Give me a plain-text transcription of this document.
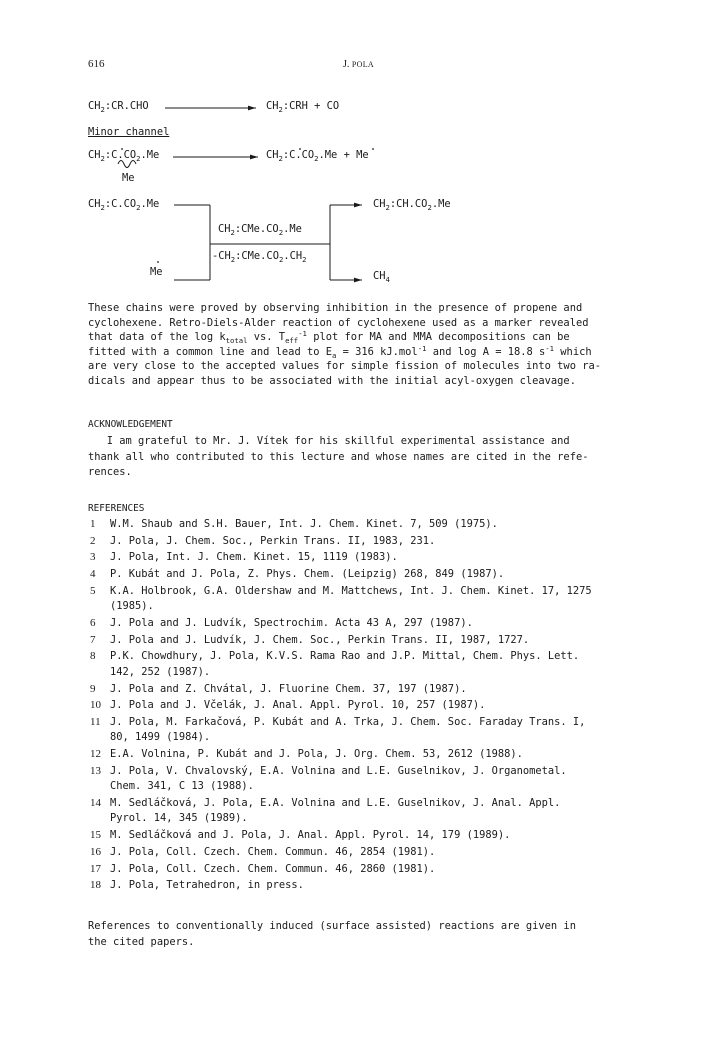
616	J. POLA
$CH_2:CR.CHO$	$CH_2:CRH$ + CO
Minor channel
$CH_2:C.CO_2.Me$
Me
$CH_2:C.CO_2.Me + Me$
$CH_2:C.CO_2.Me$
$CH_2:CMe.CO_2.Me$
$-CH_2:CMe.CO_2.CH_2$
Me
$CH_2:CH.CO_2.Me$
$CH_4$
These chains were proved by observing inhibition in the presence of propene and
cyclohexene. Retro-Diels-Alder reaction of cyclohexene used as a marker revealed
that data of the $\log k_{total}$ vs. $T_{eff}^{-1}$ plot for MA and MMA decompositions can be
fitted with a common line and lead to $E_a = 316$ kJ.mol$^{-1}$ and log A = 18.8 $s^{-1}$ which
are very close to the accepted values for simple fission of molecules into two ra-
dicals and appear thus to be associated with the initial acyl-oxygen cleavage.
ACKNOWLEDGEMENT
I am grateful to Mr. J. Vítek for his skillful experimental assistance and
thank all who contributed to this lecture and whose names are cited in the refe-
rences.
REFERENCES
1	W.M. Shaub and S.H. Bauer, Int. J. Chem. Kinet. 7, 509 (1975).
2	J. Pola, J. Chem. Soc., Perkin Trans. II, 1983, 231.
3	J. Pola, Int. J. Chem. Kinet. 15, 1119 (1983).
4	P. Kubát and J. Pola, Z. Phys. Chem. (Leipzig) 268, 849 (1987).
5	K.A. Holbrook, G.A. Oldershaw and M. Mattchews, Int. J. Chem. Kinet. 17, 1275
(1985).
6	J. Pola and J. Ludvík, Spectrochim. Acta 43 A, 297 (1987).
7	J. Pola and J. Ludvík, J. Chem. Soc., Perkin Trans. II, 1987, 1727.
8	P.K. Chowdhury, J. Pola, K.V.S. Rama Rao and J.P. Mittal, Chem. Phys. Lett.
142, 252 (1987).
9	J. Pola and Z. Chvátal, J. Fluorine Chem. 37, 197 (1987).
10 J. Pola and J. Včelák, J. Anal. Appl. Pyrol. 10, 257 (1987).
11 J. Pola, M. Farkačová, P. Kubát and A. Trka, J. Chem. Soc. Faraday Trans. I,
80, 1499 (1984).
12 E.A. Volnina, P. Kubát and J. Pola, J. Org. Chem. 53, 2612 (1988).
13 J. Pola, V. Chvalovský, E.A. Volnina and L.E. Guselnikov, J. Organometal.
Chem. 341, C 13 (1988).
14 M. Sedláčková, J. Pola, E.A. Volnina and L.E. Guselnikov, J. Anal. Appl.
Pyrol. 14, 345 (1989).
15 M. Sedláčková and J. Pola, J. Anal. Appl. Pyrol. 14, 179 (1989).
16 J. Pola, Coll. Czech. Chem. Commun. 46, 2854 (1981).
17 J. Pola, Coll. Czech. Chem. Commun. 46, 2860 (1981).
18 J. Pola, Tetrahedron, in press.
References to conventionally induced (surface assisted) reactions are given in
the cited papers.
